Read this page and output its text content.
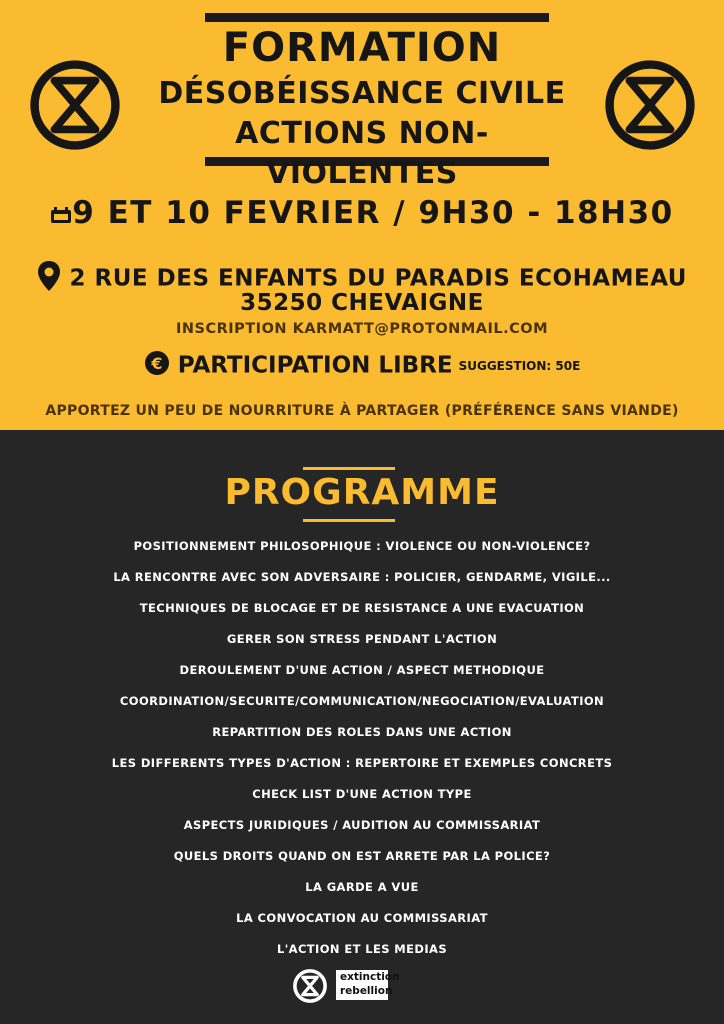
FORMATION
DÉSOBÉISSANCE CIVILE
ACTIONS NON-VIOLENTES
9 ET 10 FEVRIER / 9H30 - 18H30
2 RUE DES ENFANTS DU PARADIS ECOHAMEAU
35250 CHEVAIGNE
INSCRIPTION KARMATT@PROTONMAIL.COM
€ PARTICIPATION LIBRE SUGGESTION: 50E
APPORTEZ UN PEU DE NOURRITURE À PARTAGER (PRÉFÉRENCE SANS VIANDE)
PROGRAMME
POSITIONNEMENT PHILOSOPHIQUE : VIOLENCE OU NON-VIOLENCE?
LA RENCONTRE AVEC SON ADVERSAIRE : POLICIER, GENDARME, VIGILE...
TECHNIQUES DE BLOCAGE ET DE RESISTANCE A UNE EVACUATION
GERER SON STRESS PENDANT L'ACTION
DEROULEMENT D'UNE ACTION / ASPECT METHODIQUE
COORDINATION/SECURITE/COMMUNICATION/NEGOCIATION/EVALUATION
REPARTITION DES ROLES DANS UNE ACTION
LES DIFFERENTS TYPES D'ACTION : REPERTOIRE ET EXEMPLES CONCRETS
CHECK LIST D'UNE ACTION TYPE
ASPECTS JURIDIQUES / AUDITION AU COMMISSARIAT
QUELS DROITS QUAND ON EST ARRETE PAR LA POLICE?
LA GARDE A VUE
LA CONVOCATION AU COMMISSARIAT
L'ACTION ET LES MEDIAS
extinction
rebellion
